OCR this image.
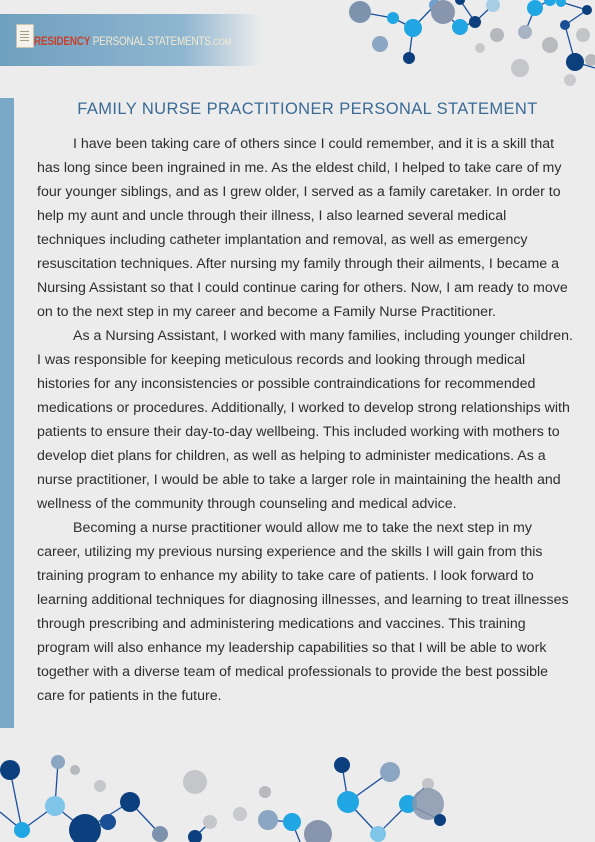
RESIDENCY PERSONAL STATEMENTS.COM
FAMILY NURSE PRACTITIONER PERSONAL STATEMENT

I have been taking care of others since I could remember, and it is a skill that has long since been ingrained in me. As the eldest child, I helped to take care of my four younger siblings, and as I grew older, I served as a family caretaker. In order to help my aunt and uncle through their illness, I also learned several medical techniques including catheter implantation and removal, as well as emergency resuscitation techniques. After nursing my family through their ailments, I became a Nursing Assistant so that I could continue caring for others. Now, I am ready to move on to the next step in my career and become a Family Nurse Practitioner.

As a Nursing Assistant, I worked with many families, including younger children. I was responsible for keeping meticulous records and looking through medical histories for any inconsistencies or possible contraindications for recommended medications or procedures. Additionally, I worked to develop strong relationships with patients to ensure their day-to-day wellbeing. This included working with mothers to develop diet plans for children, as well as helping to administer medications. As a nurse practitioner, I would be able to take a larger role in maintaining the health and wellness of the community through counseling and medical advice.

Becoming a nurse practitioner would allow me to take the next step in my career, utilizing my previous nursing experience and the skills I will gain from this training program to enhance my ability to take care of patients. I look forward to learning additional techniques for diagnosing illnesses, and learning to treat illnesses through prescribing and administering medications and vaccines. This training program will also enhance my leadership capabilities so that I will be able to work together with a diverse team of medical professionals to provide the best possible care for patients in the future.
